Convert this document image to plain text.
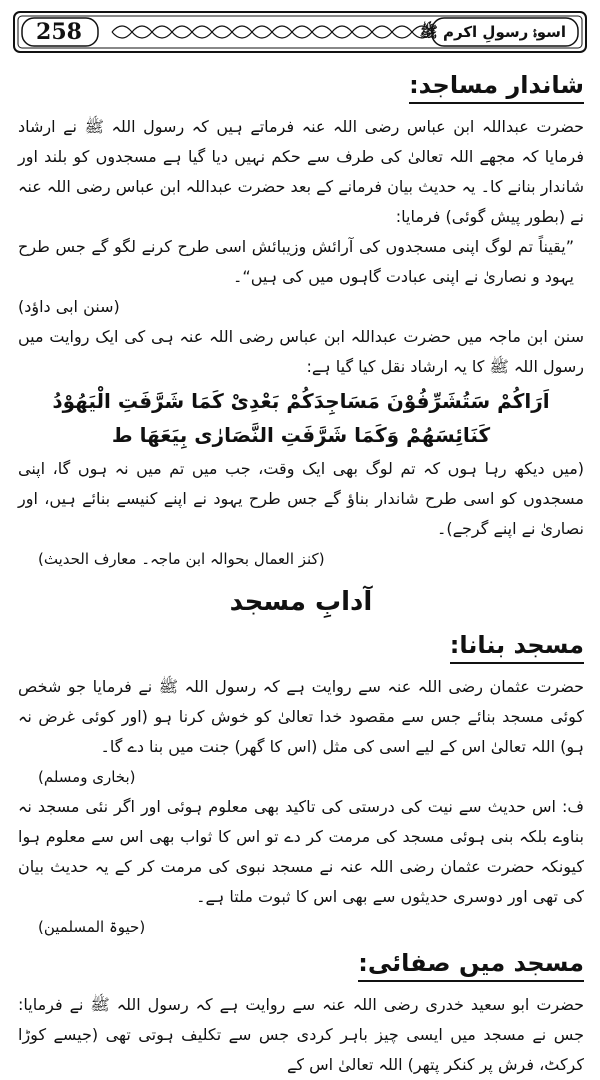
258	اسوۂ رسولِ اکرم ﷺ
شاندار مساجد:

حضرت عبداللہ ابن عباس رضی اللہ عنہ فرماتے ہیں کہ رسول اللہ ﷺ نے ارشاد فرمایا کہ مجھے اللہ تعالیٰ کی طرف سے حکم نہیں دیا گیا ہے مسجدوں کو بلند اور شاندار بنانے کا۔ یہ حدیث بیان فرمانے کے بعد حضرت عبداللہ ابن عباس رضی اللہ عنہ نے (بطور پیش گوئی) فرمایا:

”یقیناً تم لوگ اپنی مسجدوں کی آرائش وزیبائش اسی طرح کرنے لگو گے جس طرح یہود و نصاریٰ نے اپنی عبادت گاہوں میں کی ہیں“۔

(سنن ابی داؤد)

سنن ابن ماجہ میں حضرت عبداللہ ابن عباس رضی اللہ عنہ ہی کی ایک روایت میں رسول اللہ ﷺ کا یہ ارشاد نقل کیا گیا ہے:

اَرَاكُمْ سَتُشَرِّفُوْنَ مَسَاجِدَكُمْ بَعْدِىْ كَمَا شَرَّفَتِ الْيَهُوْدُ كَنَائِسَهُمْ وَكَمَا شَرَّفَتِ النَّصَارٰى بِيَعَهَا ط

(میں دیکھ رہا ہوں کہ تم لوگ بھی ایک وقت، جب میں تم میں نہ ہوں گا، اپنی مسجدوں کو اسی طرح شاندار بناؤ گے جس طرح یہود نے اپنے کنیسے بنائے ہیں، اور نصاریٰ نے اپنے گرجے)۔

(کنز العمال بحوالہ ابن ماجہ۔ معارف الحدیث)

آدابِ مسجد
مسجد بنانا:

حضرت عثمان رضی اللہ عنہ سے روایت ہے کہ رسول اللہ ﷺ نے فرمایا جو شخص کوئی مسجد بنائے جس سے مقصود خدا تعالیٰ کو خوش کرنا ہو (اور کوئی غرض نہ ہو) اللہ تعالیٰ اس کے لیے اسی کی مثل (اس کا گھر) جنت میں بنا دے گا۔

(بخاری ومسلم)

ف: اس حدیث سے نیت کی درستی کی تاکید بھی معلوم ہوئی اور اگر نئی مسجد نہ بناوے بلکہ بنی ہوئی مسجد کی مرمت کر دے تو اس کا ثواب بھی اس سے معلوم ہوا کیونکہ حضرت عثمان رضی اللہ عنہ نے مسجد نبوی کی مرمت کر کے یہ حدیث بیان کی تھی اور دوسری حدیثوں سے بھی اس کا ثبوت ملتا ہے۔

(حیوۃ المسلمین)

مسجد میں صفائی:

حضرت ابو سعید خدری رضی اللہ عنہ سے روایت ہے کہ رسول اللہ ﷺ نے فرمایا: جس نے مسجد میں ایسی چیز باہر کردی جس سے تکلیف ہوتی تھی (جیسے کوڑا کرکٹ، فرش پر کنکر پتھر) اللہ تعالیٰ اس کے
